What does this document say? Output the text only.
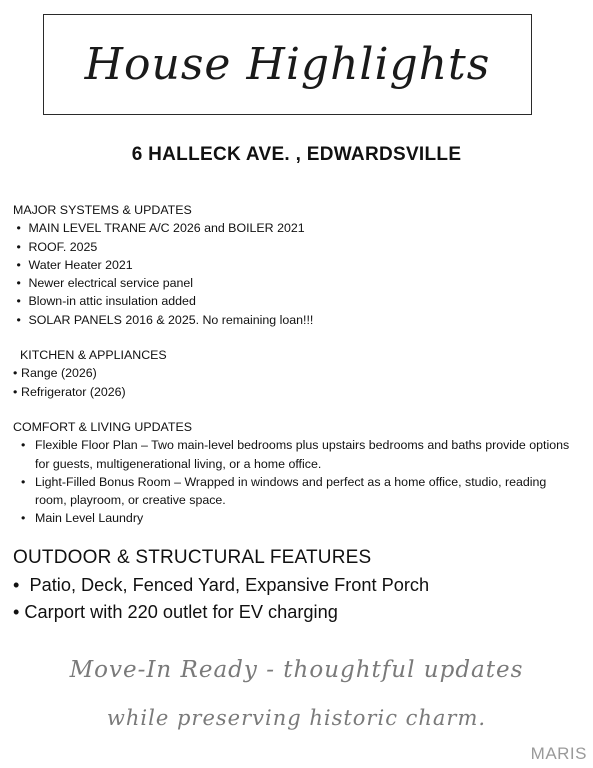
House Highlights
6 HALLECK AVE. , EDWARDSVILLE
MAJOR SYSTEMS & UPDATES
• MAIN LEVEL TRANE A/C 2026 and BOILER 2021
• ROOF. 2025
• Water Heater 2021
• Newer electrical service panel
• Blown-in attic insulation added
• SOLAR PANELS 2016 & 2025. No remaining loan!!!
KITCHEN & APPLIANCES
• Range (2026)
• Refrigerator (2026)
COMFORT & LIVING UPDATES
• Flexible Floor Plan – Two main-level bedrooms plus upstairs bedrooms and baths provide options for guests, multigenerational living, or a home office.
• Light-Filled Bonus Room – Wrapped in windows and perfect as a home office, studio, reading room, playroom, or creative space.
• Main Level Laundry
OUTDOOR & STRUCTURAL FEATURES
•  Patio, Deck, Fenced Yard, Expansive Front Porch
• Carport with 220 outlet for EV charging
Move-In Ready - thoughtful updates
while preserving historic charm.
MARIS
